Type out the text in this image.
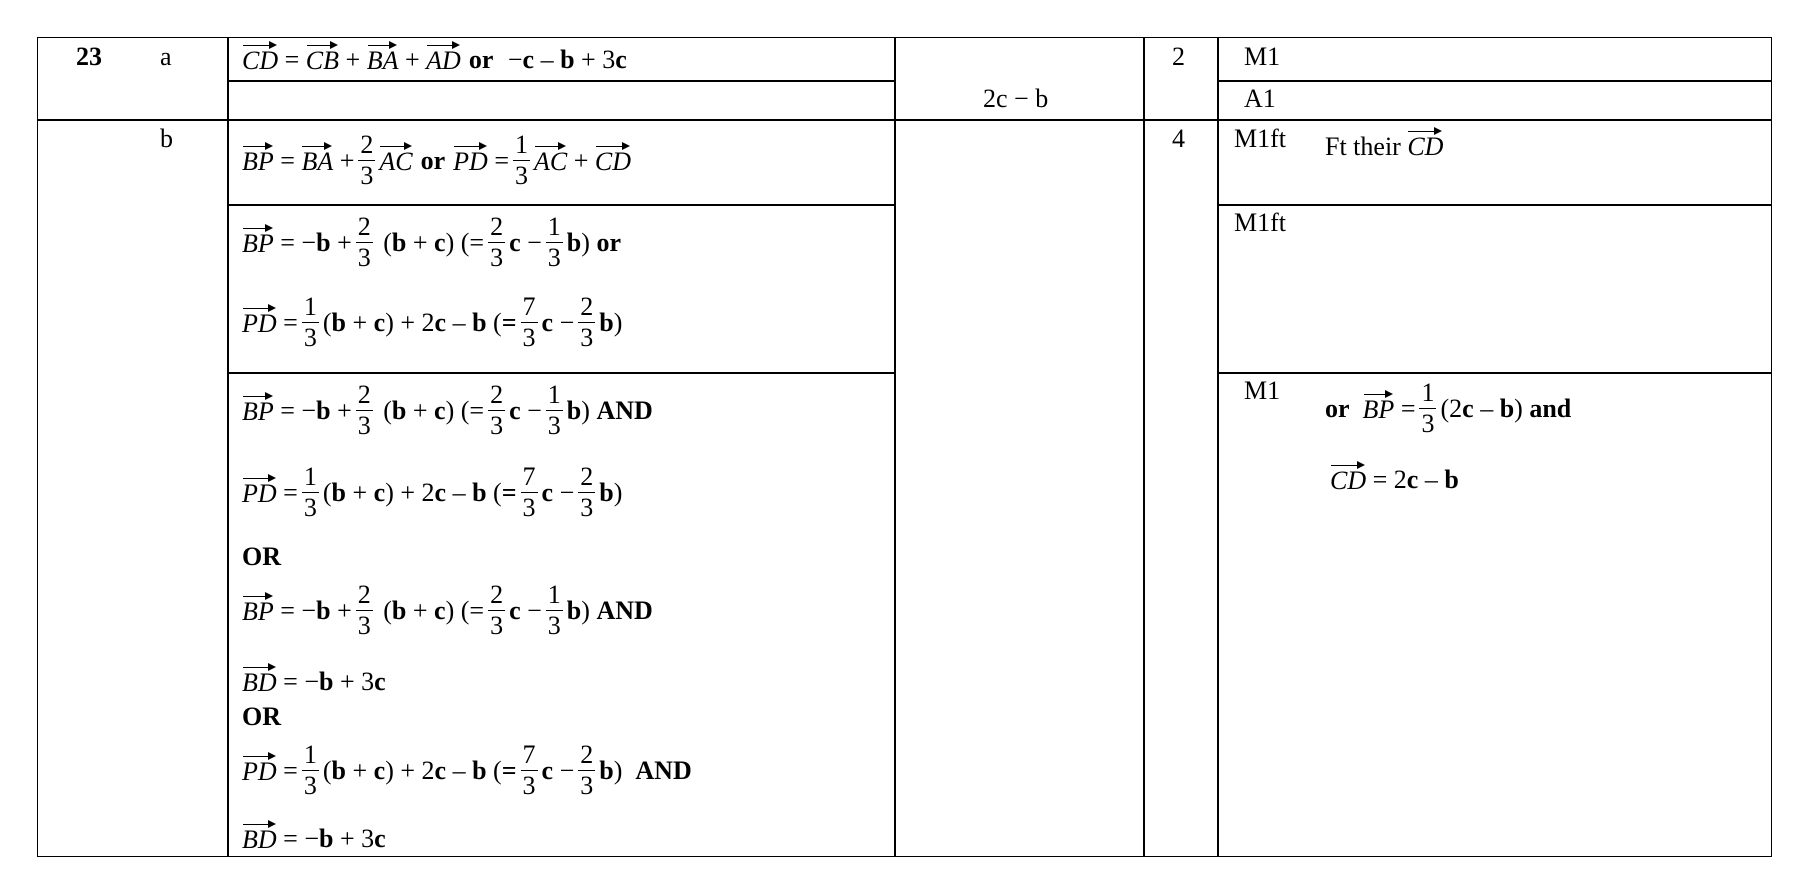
23 a
b
CD = CB + BA + AD or − c – b + 3 c
2c − b
2 M1
A1
4 M1ft Ft their CD
M1ft
M1
or
BP =
1
3
(2 c – b ) and
CD = 2 c – b
BP = BA +
2
3 AC or PD =
1
3 AC + CD
BP = − b +
2
3
( b + c ) (=
2
3
c −
1
3
b ) or
PD =
1
3
( b + c ) + 2 c – b ( = $\frac{7}{3}$ c −
2
3
b )
BP = − b +
2
3
( b + c ) (=
2
3
c −
1
3
b ) AND
PD =
1
3
( b + c ) + 2 c – b ( = $\frac{7}{3}$ c −
2
3
b )
OR
BP = − b +
2
3
( b + c ) (=
2
3
c −
1
3
b ) AND
BD = − b + 3 c
OR
PD =
1
3
( b + c ) + 2 c – b ( = $\frac{7}{3}$ c −
2
3
b ) AND
BD = − b + 3 c
